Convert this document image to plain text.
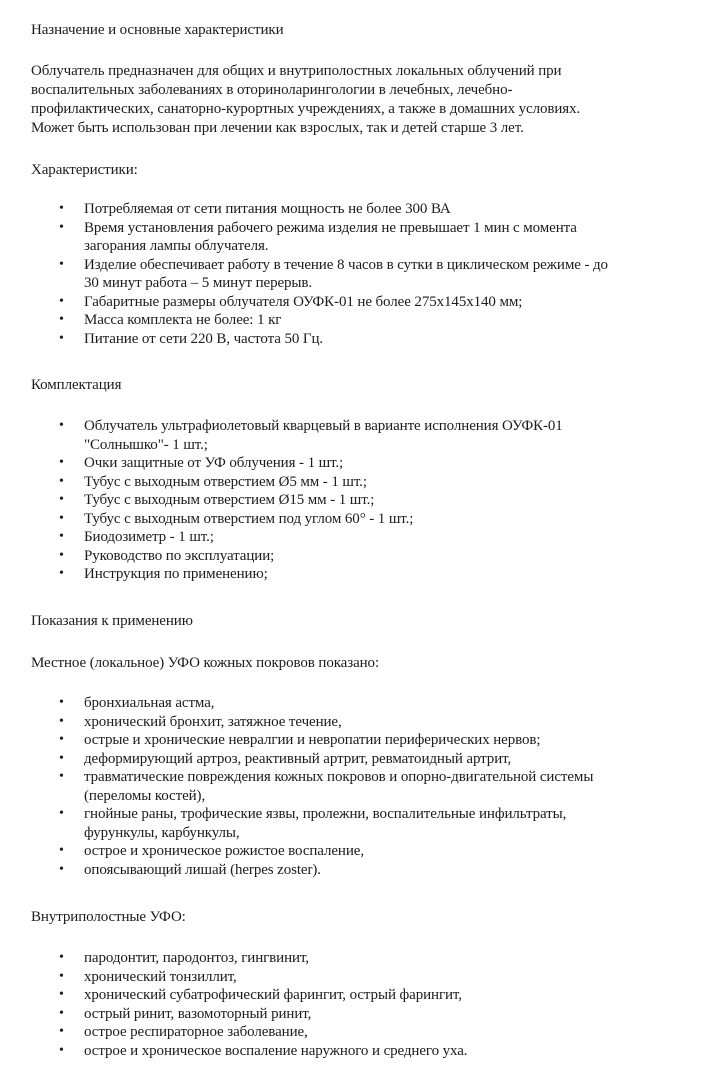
Назначение и основные характеристики
Облучатель предназначен для общих и внутриполостных локальных облучений при
воспалительных заболеваниях в оториноларингологии в лечебных, лечебно-
профилактических, санаторно-курортных учреждениях, а также в домашних условиях.
Может быть использован при лечении как взрослых, так и детей старше 3 лет.
Характеристики:
• Потребляемая от сети питания мощность не более 300 ВА
• Время установления рабочего режима изделия не превышает 1 мин с момента
загорания лампы облучателя.
• Изделие обеспечивает работу в течение 8 часов в сутки в циклическом режиме - до
30 минут работа – 5 минут перерыв.
• Габаритные размеры облучателя ОУФК-01 не более 275х145х140 мм;
• Масса комплекта не более: 1 кг
• Питание от сети 220 В, частота 50 Гц.
Комплектация
• Облучатель ультрафиолетовый кварцевый в варианте исполнения ОУФК-01
"Солнышко"- 1 шт.;
• Очки защитные от УФ облучения - 1 шт.;
• Тубус с выходным отверстием Ø5 мм - 1 шт.;
• Тубус с выходным отверстием Ø15 мм - 1 шт.;
• Тубус с выходным отверстием под углом 60° - 1 шт.;
• Биодозиметр - 1 шт.;
• Руководство по эксплуатации;
• Инструкция по применению;
Показания к применению
Местное (локальное) УФО кожных покровов показано:
• бронхиальная астма,
• хронический бронхит, затяжное течение,
• острые и хронические невралгии и невропатии периферических нервов;
• деформирующий артроз, реактивный артрит, ревматоидный артрит,
• травматические повреждения кожных покровов и опорно-двигательной системы
(переломы костей),
• гнойные раны, трофические язвы, пролежни, воспалительные инфильтраты,
фурункулы, карбункулы,
• острое и хроническое рожистое воспаление,
• опоясывающий лишай (herpes zoster).
Внутриполостные УФО:
• пародонтит, пародонтоз, гингвинит,
• хронический тонзиллит,
• хронический субатрофический фарингит, острый фарингит,
• острый ринит, вазомоторный ринит,
• острое респираторное заболевание,
• острое и хроническое воспаление наружного и среднего уха.
